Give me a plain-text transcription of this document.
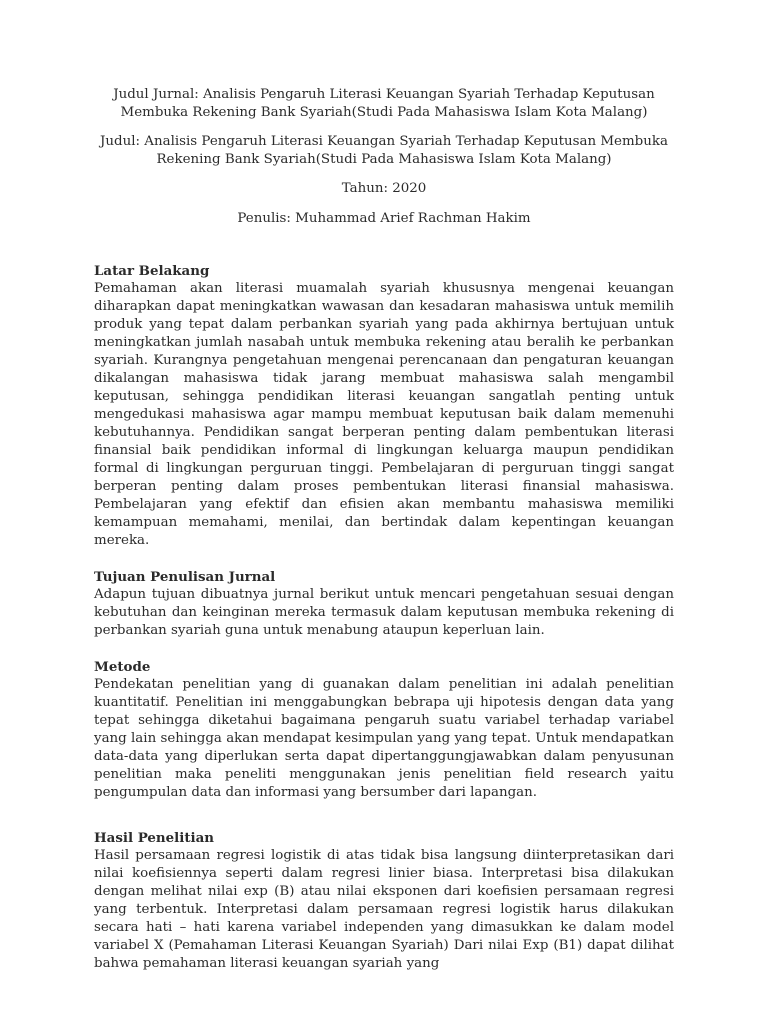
Judul Jurnal: Analisis Pengaruh Literasi Keuangan Syariah Terhadap Keputusan Membuka Rekening Bank Syariah(Studi Pada Mahasiswa Islam Kota Malang)

Judul: Analisis Pengaruh Literasi Keuangan Syariah Terhadap Keputusan Membuka Rekening Bank Syariah(Studi Pada Mahasiswa Islam Kota Malang)

Tahun: 2020

Penulis: Muhammad Arief Rachman Hakim

Latar Belakang

Pemahaman akan literasi muamalah syariah khususnya mengenai keuangan diharapkan dapat meningkatkan wawasan dan kesadaran mahasiswa untuk memilih produk yang tepat dalam perbankan syariah yang pada akhirnya bertujuan untuk meningkatkan jumlah nasabah untuk membuka rekening atau beralih ke perbankan syariah. Kurangnya pengetahuan mengenai perencanaan dan pengaturan keuangan dikalangan mahasiswa tidak jarang membuat mahasiswa salah mengambil keputusan, sehingga pendidikan literasi keuangan sangatlah penting untuk mengedukasi mahasiswa agar mampu membuat keputusan baik dalam memenuhi kebutuhannya. Pendidikan sangat berperan penting dalam pembentukan literasi finansial baik pendidikan informal di lingkungan keluarga maupun pendidikan formal di lingkungan perguruan tinggi. Pembelajaran di perguruan tinggi sangat berperan penting dalam proses pembentukan literasi finansial mahasiswa. Pembelajaran yang efektif dan efisien akan membantu mahasiswa memiliki kemampuan memahami, menilai, dan bertindak dalam kepentingan keuangan mereka.

Tujuan Penulisan Jurnal

Adapun tujuan dibuatnya jurnal berikut untuk mencari pengetahuan sesuai dengan kebutuhan dan keinginan mereka termasuk dalam keputusan membuka rekening di perbankan syariah guna untuk menabung ataupun keperluan lain.

Metode

Pendekatan penelitian yang di guanakan dalam penelitian ini adalah penelitian kuantitatif. Penelitian ini menggabungkan bebrapa uji hipotesis dengan data yang tepat sehingga diketahui bagaimana pengaruh suatu variabel terhadap variabel yang lain sehingga akan mendapat kesimpulan yang yang tepat. Untuk mendapatkan data-data yang diperlukan serta dapat dipertanggungjawabkan dalam penyusunan penelitian maka peneliti menggunakan jenis penelitian field research yaitu pengumpulan data dan informasi yang bersumber dari lapangan.

Hasil Penelitian

Hasil persamaan regresi logistik di atas tidak bisa langsung diinterpretasikan dari nilai koefisiennya seperti dalam regresi linier biasa. Interpretasi bisa dilakukan dengan melihat nilai exp (B) atau nilai eksponen dari koefisien persamaan regresi yang terbentuk. Interpretasi dalam persamaan regresi logistik harus dilakukan secara hati – hati karena variabel independen yang dimasukkan ke dalam model variabel X (Pemahaman Literasi Keuangan Syariah) Dari nilai Exp (B1) dapat dilihat bahwa pemahaman literasi keuangan syariah yang
